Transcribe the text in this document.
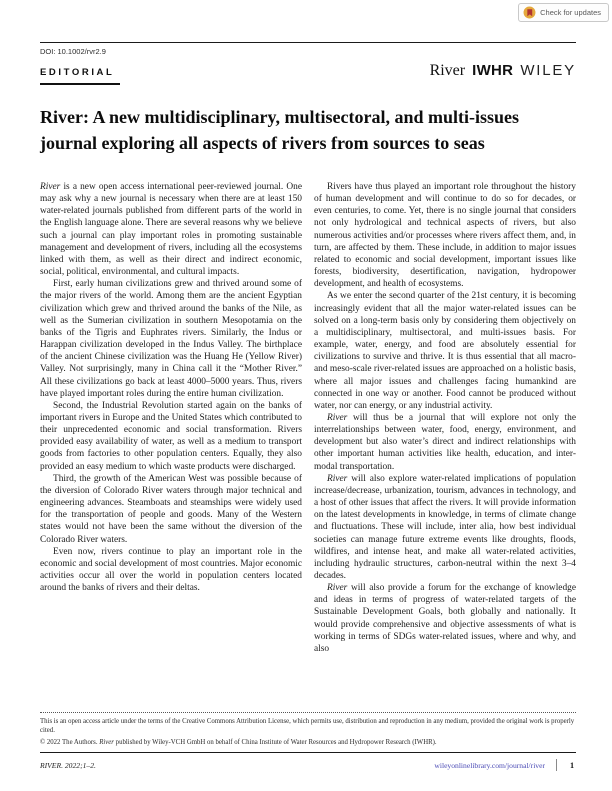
Check for updates
DOI: 10.1002/rvr2.9
EDITORIAL	River IWHR WILEY
River: A new multidisciplinary, multisectoral, and multi-issues journal exploring all aspects of rivers from sources to seas

River is a new open access international peer-reviewed journal. One may ask why a new journal is necessary when there are at least 150 water-related journals published from different parts of the world in the English language alone. There are several reasons why we believe such a journal can play important roles in promoting sustainable management and development of rivers, including all the ecosystems linked with them, as well as their direct and indirect economic, social, political, environmental, and cultural impacts.

First, early human civilizations grew and thrived around some of the major rivers of the world. Among them are the ancient Egyptian civilization which grew and thrived around the banks of the Nile, as well as the Sumerian civilization in southern Mesopotamia on the banks of the Tigris and Euphrates rivers. Similarly, the Indus or Harappan civilization developed in the Indus Valley. The birthplace of the ancient Chinese civilization was the Huang He (Yellow River) Valley. Not surprisingly, many in China call it the “Mother River.” All these civilizations go back at least 4000–5000 years. Thus, rivers have played important roles during the entire human civilization.

Second, the Industrial Revolution started again on the banks of important rivers in Europe and the United States which contributed to their unprecedented economic and social transformation. Rivers provided easy availability of water, as well as a medium to transport goods from factories to other population centers. Equally, they also provided an easy medium to which waste products were discharged.

Third, the growth of the American West was possible because of the diversion of Colorado River waters through major technical and engineering advances. Steamboats and steamships were widely used for the transportation of people and goods. Many of the Western states would not have been the same without the diversion of the Colorado River waters.

Even now, rivers continue to play an important role in the economic and social development of most countries. Major economic activities occur all over the world in population centers located around the banks of rivers and their deltas.

Rivers have thus played an important role throughout the history of human development and will continue to do so for decades, or even centuries, to come. Yet, there is no single journal that considers not only hydrological and technical aspects of rivers, but also numerous activities and/or processes where rivers affect them, and, in turn, are affected by them. These include, in addition to major issues related to economic and social development, important issues like forests, biodiversity, desertification, navigation, hydropower development, and health of ecosystems.

As we enter the second quarter of the 21st century, it is becoming increasingly evident that all the major water-related issues can be solved on a long-term basis only by considering them objectively on a multidisciplinary, multisectoral, and multi-issues basis. For example, water, energy, and food are absolutely essential for civilizations to survive and thrive. It is thus essential that all macro- and meso-scale river-related issues are approached on a holistic basis, where all major issues and challenges facing humankind are connected in one way or another. Food cannot be produced without water, nor can energy, or any industrial activity.

River will thus be a journal that will explore not only the interrelationships between water, food, energy, environment, and development but also water’s direct and indirect relationships with other important human activities like health, education, and inter-modal transportation.

River will also explore water-related implications of population increase/decrease, urbanization, tourism, advances in technology, and a host of other issues that affect the rivers. It will provide information on the latest developments in knowledge, in terms of climate change and fluctuations. These will include, inter alia, how best individual societies can manage future extreme events like droughts, floods, wildfires, and intense heat, and make all water-related activities, including hydraulic structures, carbon-neutral within the next 3–4 decades.

River will also provide a forum for the exchange of knowledge and ideas in terms of progress of water-related targets of the Sustainable Development Goals, both globally and nationally. It would provide comprehensive and objective assessments of what is working in terms of SDGs water-related issues, where and why, and also

This is an open access article under the terms of the Creative Commons Attribution License, which permits use, distribution and reproduction in any medium, provided the original work is properly cited.
© 2022 The Authors. River published by Wiley-VCH GmbH on behalf of China Institute of Water Resources and Hydropower Research (IWHR).
RIVER. 2022;1–2.	wileyonlinelibrary.com/journal/river	1
